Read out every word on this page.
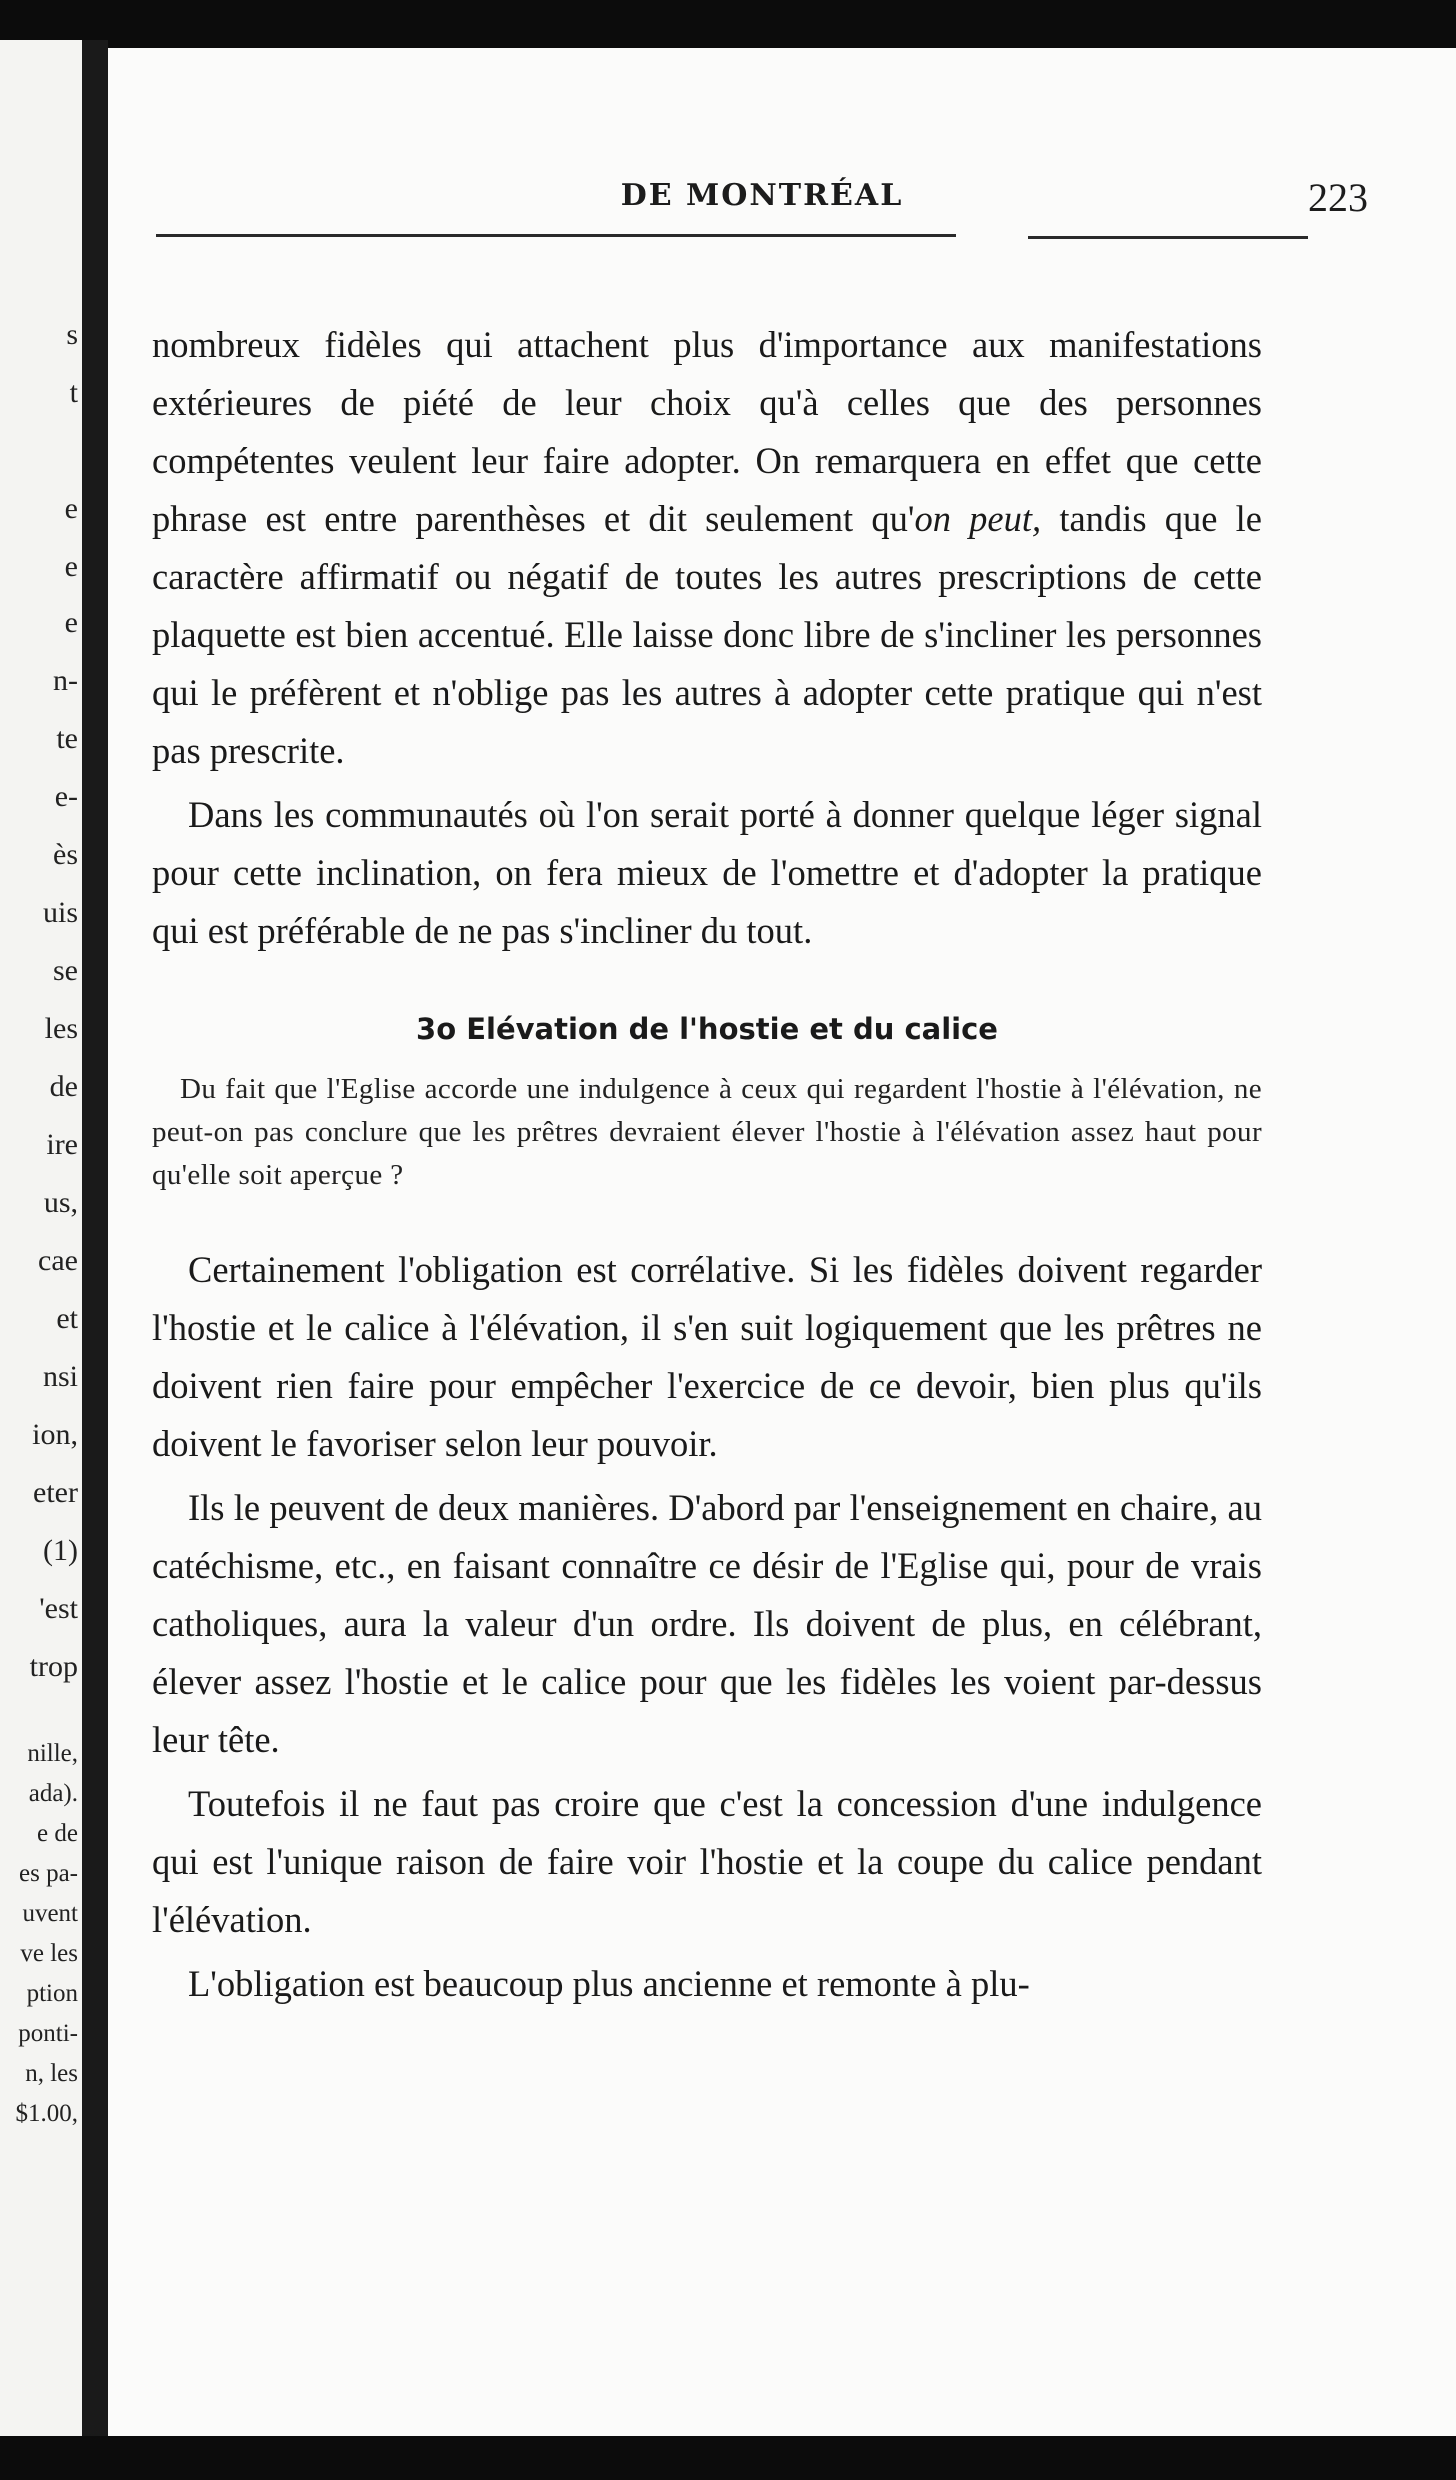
s
t
e
e
e
n-
te
e-
ès
uis
se
les
de
ire
us,
cae
et
nsi
ion,
eter
(1)
'est
trop
nille,
ada).
e de
es pa-
uvent
ve les
ption
ponti-
n, les
$1.00,
DE MONTRÉAL	223

nombreux fidèles qui attachent plus d'importance aux manifestations extérieures de piété de leur choix qu'à celles que des personnes compétentes veulent leur faire adopter. On remarquera en effet que cette phrase est entre parenthèses et dit seulement qu'on peut, tandis que le caractère affirmatif ou négatif de toutes les autres prescriptions de cette plaquette est bien accentué. Elle laisse donc libre de s'incliner les personnes qui le préfèrent et n'oblige pas les autres à adopter cette pratique qui n'est pas prescrite.

Dans les communautés où l'on serait porté à donner quelque léger signal pour cette inclination, on fera mieux de l'omettre et d'adopter la pratique qui est préférable de ne pas s'incliner du tout.

3o Elévation de l'hostie et du calice

Du fait que l'Eglise accorde une indulgence à ceux qui regardent l'hostie à l'élévation, ne peut-on pas conclure que les prêtres devraient élever l'hostie à l'élévation assez haut pour qu'elle soit aperçue ?

Certainement l'obligation est corrélative. Si les fidèles doivent regarder l'hostie et le calice à l'élévation, il s'en suit logiquement que les prêtres ne doivent rien faire pour empêcher l'exercice de ce devoir, bien plus qu'ils doivent le favoriser selon leur pouvoir.

Ils le peuvent de deux manières. D'abord par l'enseignement en chaire, au catéchisme, etc., en faisant connaître ce désir de l'Eglise qui, pour de vrais catholiques, aura la valeur d'un ordre. Ils doivent de plus, en célébrant, élever assez l'hostie et le calice pour que les fidèles les voient par-dessus leur tête.

Toutefois il ne faut pas croire que c'est la concession d'une indulgence qui est l'unique raison de faire voir l'hostie et la coupe du calice pendant l'élévation.

L'obligation est beaucoup plus ancienne et remonte à plu-
